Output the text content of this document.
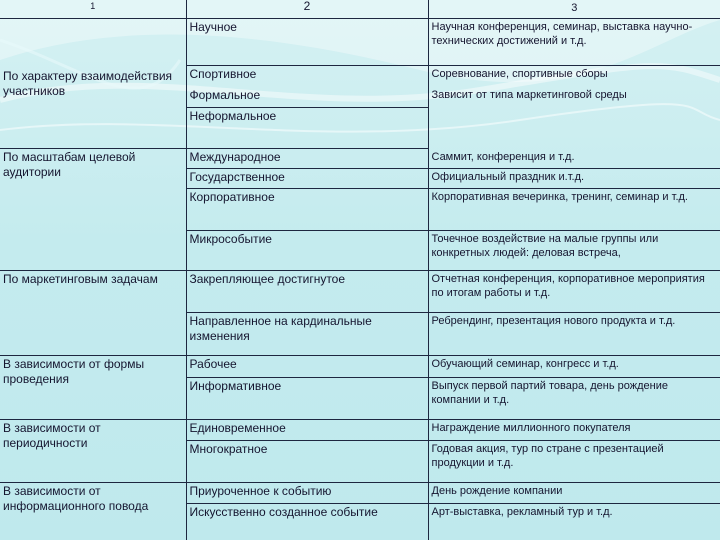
1	2	3
По характеру взаимодействия участников	Научное	Научная конференция, семинар, выставка научно-технических достижений и т.д.
	Спортивное	Соревнование, спортивные сборы
	Формальное	Зависит от типа маркетинговой среды
	Неформальное	
По масштабам целевой аудитории	Международное	Саммит, конференция и т.д.
	Государственное	Официальный праздник и.т.д.
	Корпоративное	Корпоративная вечеринка, тренинг, семинар и т.д.
	Микрособытие	Точечное воздействие на малые группы или конкретных людей: деловая встреча,
По маркетинговым задачам	Закрепляющее достигнутое	Отчетная конференция, корпоративное мероприятия по итогам работы и т.д.
	Направленное на кардинальные изменения	Ребрендинг, презентация нового продукта и т.д.
В зависимости от формы проведения	Рабочее	Обучающий семинар, конгресс и т.д.
	Информативное	Выпуск первой партий товара, день рождение компании и т.д.
В зависимости от периодичности	Единовременное	Награждение миллионного покупателя
	Многократное	Годовая акция, тур по стране с презентацией продукции и т.д.
В зависимости от информационного повода	Приуроченное к событию	День рождение компании
	Искусственно созданное событие	Арт-выставка, рекламный тур и т.д.
